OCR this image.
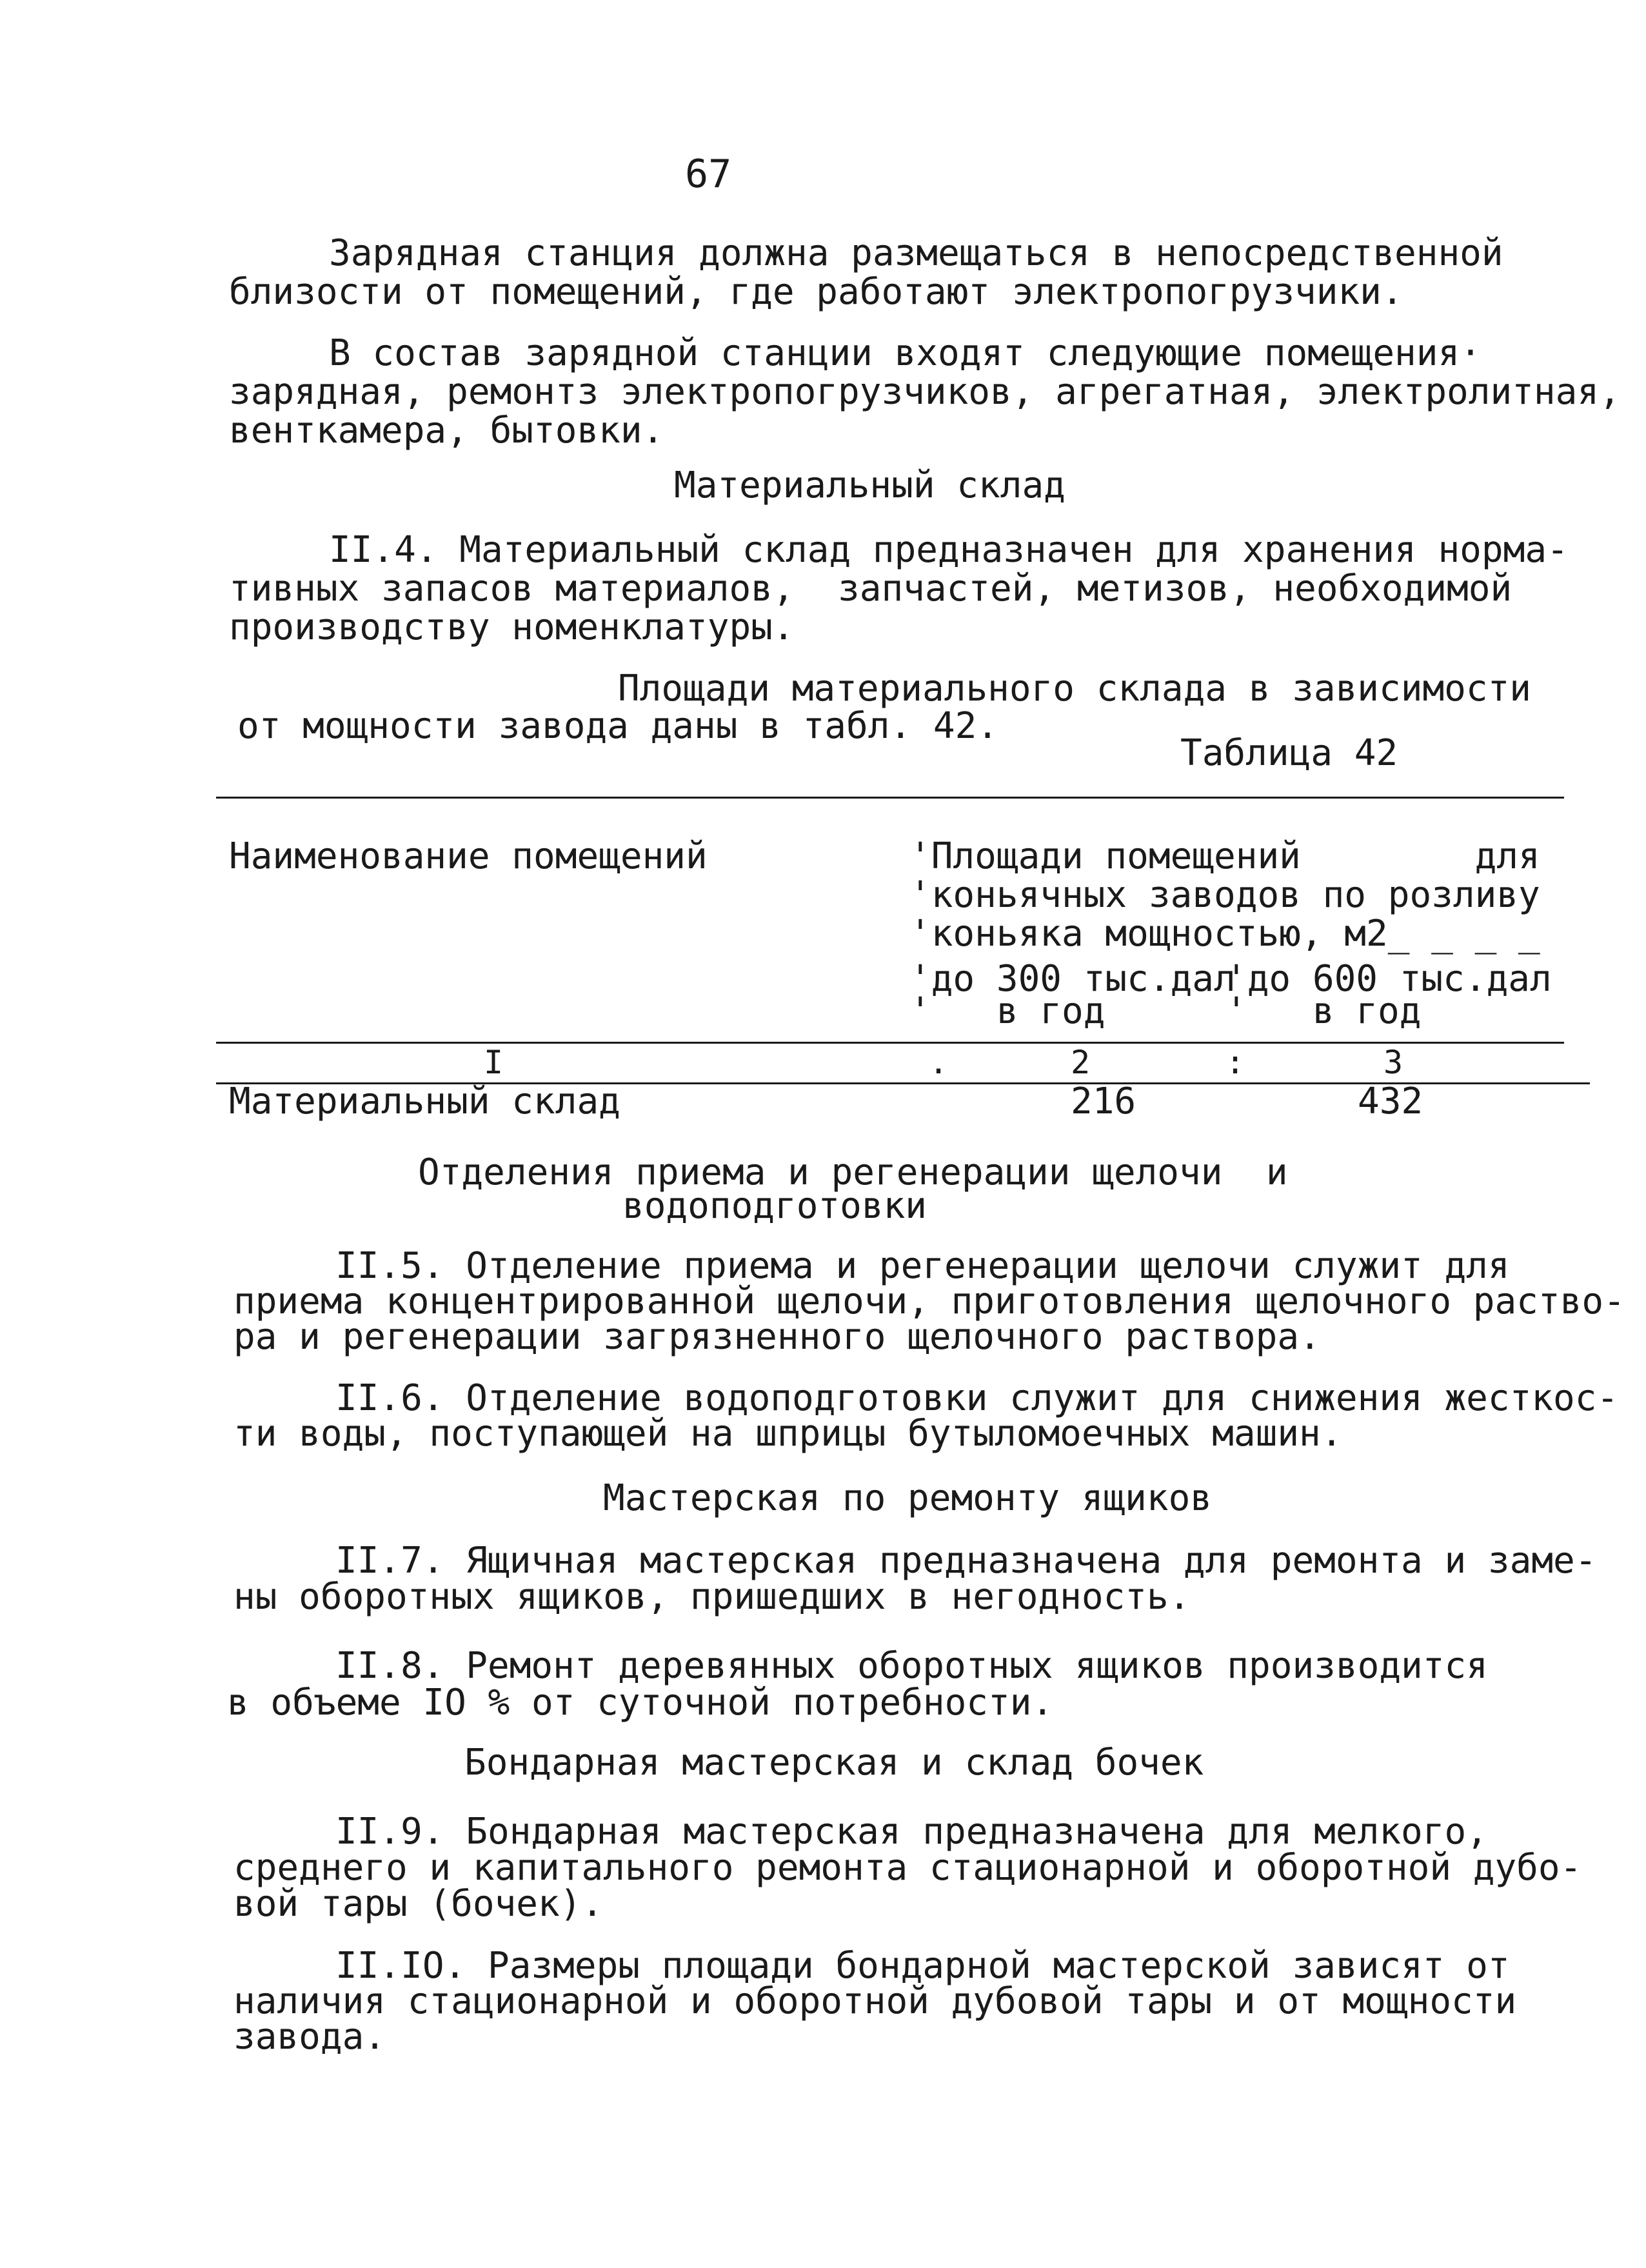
67
Зарядная станция должна размещаться в непосредственной
близости от помещений, где работают электропогрузчики.
В состав зарядной станции входят следующие помещения·
зарядная, ремонтз электропогрузчиков, агрегатная, электролитная,
венткамера, бытовки.
Материальный склад
II.4. Материальный склад предназначен для хранения норма-
тивных запасов материалов,  запчастей, метизов, необходимой
производству номенклатуры.
Площади материального склада в зависимости
от мощности завода даны в табл. 42.
Таблица 42
Наименование помещений	'Площади помещений        для
'коньячных заводов по розливу
'коньяка мощностью, м2_ _ _ _
'до 300 тыс.дал
'   в год
'до 600 тыс.дал
'   в год
I	.	2	:	3
Материальный склад	216	432
Отделения приема и регенерации щелочи  и
водоподготовки
II.5. Отделение приема и регенерации щелочи служит для
приема концентрированной щелочи, приготовления щелочного раство-
ра и регенерации загрязненного щелочного раствора.
II.6. Отделение водоподготовки служит для снижения жесткос-
ти воды, поступающей на шприцы бутыломоечных машин.
Мастерская по ремонту ящиков
II.7. Ящичная мастерская предназначена для ремонта и заме-
ны оборотных ящиков, пришедших в негодность.
II.8. Ремонт деревянных оборотных ящиков производится
в объеме IO % от суточной потребности.
Бондарная мастерская и склад бочек
II.9. Бондарная мастерская предназначена для мелкого,
среднего и капитального ремонта стационарной и оборотной дубо-
вой тары (бочек).
II.IO. Размеры площади бондарной мастерской зависят от
наличия стационарной и оборотной дубовой тары и от мощности
завода.
